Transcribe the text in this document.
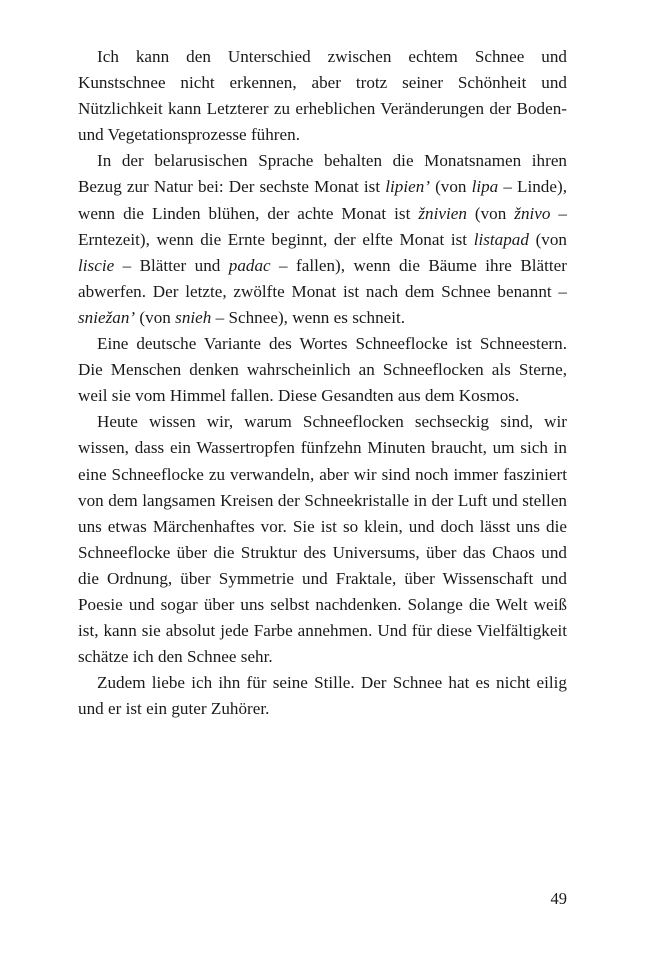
Ich kann den Unterschied zwischen echtem Schnee und Kunstschnee nicht erkennen, aber trotz seiner Schönheit und Nützlichkeit kann Letzterer zu erheblichen Veränderungen der Boden- und Vegetationsprozesse führen.

In der belarusischen Sprache behalten die Monatsnamen ihren Bezug zur Natur bei: Der sechste Monat ist lipien’ (von lipa – Linde), wenn die Linden blühen, der achte Monat ist žnivien (von žnivo – Erntezeit), wenn die Ernte beginnt, der elfte Monat ist listapad (von liscie – Blätter und padac – fallen), wenn die Bäume ihre Blätter abwerfen. Der letzte, zwölfte Monat ist nach dem Schnee benannt – sniežan’ (von snieh – Schnee), wenn es schneit.

Eine deutsche Variante des Wortes Schneeflocke ist Schneestern. Die Menschen denken wahrscheinlich an Schneeflocken als Sterne, weil sie vom Himmel fallen. Diese Gesandten aus dem Kosmos.

Heute wissen wir, warum Schneeflocken sechseckig sind, wir wissen, dass ein Wassertropfen fünfzehn Minuten braucht, um sich in eine Schneeflocke zu verwandeln, aber wir sind noch immer fasziniert von dem langsamen Kreisen der Schneekristalle in der Luft und stellen uns etwas Märchenhaftes vor. Sie ist so klein, und doch lässt uns die Schneeflocke über die Struktur des Universums, über das Chaos und die Ordnung, über Symmetrie und Fraktale, über Wissenschaft und Poesie und sogar über uns selbst nachdenken. Solange die Welt weiß ist, kann sie absolut jede Farbe annehmen. Und für diese Vielfältigkeit schätze ich den Schnee sehr.

Zudem liebe ich ihn für seine Stille. Der Schnee hat es nicht eilig und er ist ein guter Zuhörer.

49
